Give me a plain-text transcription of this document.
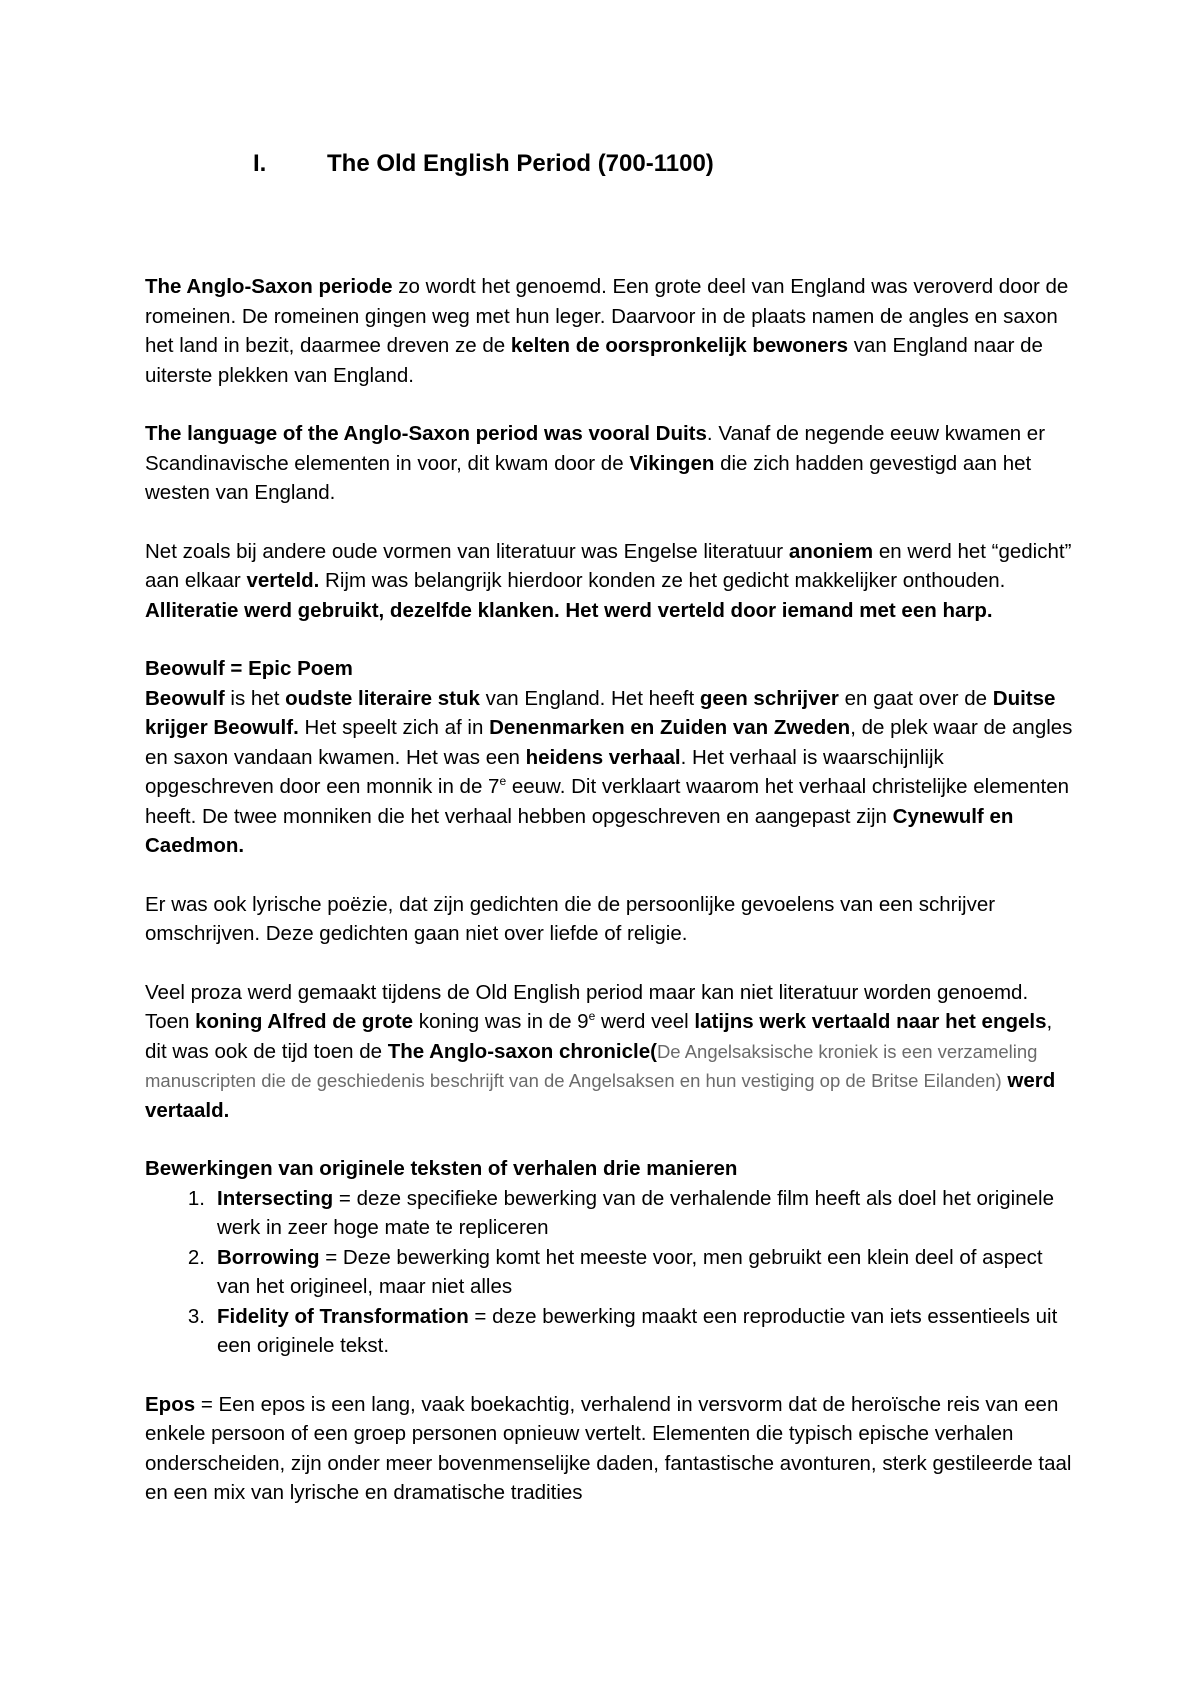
I.	The Old English Period (700-1100)

The Anglo-Saxon periode zo wordt het genoemd. Een grote deel van England was veroverd door de romeinen. De romeinen gingen weg met hun leger. Daarvoor in de plaats namen de angles en saxon het land in bezit, daarmee dreven ze de kelten de oorspronkelijk bewoners van England naar de uiterste plekken van England.

The language of the Anglo-Saxon period was vooral Duits. Vanaf de negende eeuw kwamen er Scandinavische elementen in voor, dit kwam door de Vikingen die zich hadden gevestigd aan het westen van England.

Net zoals bij andere oude vormen van literatuur was Engelse literatuur anoniem en werd het “gedicht” aan elkaar verteld. Rijm was belangrijk hierdoor konden ze het gedicht makkelijker onthouden. Alliteratie werd gebruikt, dezelfde klanken. Het werd verteld door iemand met een harp.

Beowulf = Epic Poem
Beowulf is het oudste literaire stuk van England. Het heeft geen schrijver en gaat over de Duitse krijger Beowulf. Het speelt zich af in Denenmarken en Zuiden van Zweden, de plek waar de angles en saxon vandaan kwamen. Het was een heidens verhaal. Het verhaal is waarschijnlijk opgeschreven door een monnik in de 7e eeuw. Dit verklaart waarom het verhaal christelijke elementen heeft. De twee monniken die het verhaal hebben opgeschreven en aangepast zijn Cynewulf en Caedmon.

Er was ook lyrische poëzie, dat zijn gedichten die de persoonlijke gevoelens van een schrijver omschrijven. Deze gedichten gaan niet over liefde of religie.

Veel proza werd gemaakt tijdens de Old English period maar kan niet literatuur worden genoemd. Toen koning Alfred de grote koning was in de 9e werd veel latijns werk vertaald naar het engels, dit was ook de tijd toen de The Anglo-saxon chronicle(De Angelsaksische kroniek is een verzameling manuscripten die de geschiedenis beschrijft van de Angelsaksen en hun vestiging op de Britse Eilanden) werd vertaald.

Bewerkingen van originele teksten of verhalen drie manieren
1. Intersecting = deze specifieke bewerking van de verhalende film heeft als doel het originele werk in zeer hoge mate te repliceren
2. Borrowing = Deze bewerking komt het meeste voor, men gebruikt een klein deel of aspect van het origineel, maar niet alles
3. Fidelity of Transformation = deze bewerking maakt een reproductie van iets essentieels uit een originele tekst.

Epos = Een epos is een lang, vaak boekachtig, verhalend in versvorm dat de heroïsche reis van een enkele persoon of een groep personen opnieuw vertelt. Elementen die typisch epische verhalen onderscheiden, zijn onder meer bovenmenselijke daden, fantastische avonturen, sterk gestileerde taal en een mix van lyrische en dramatische tradities
